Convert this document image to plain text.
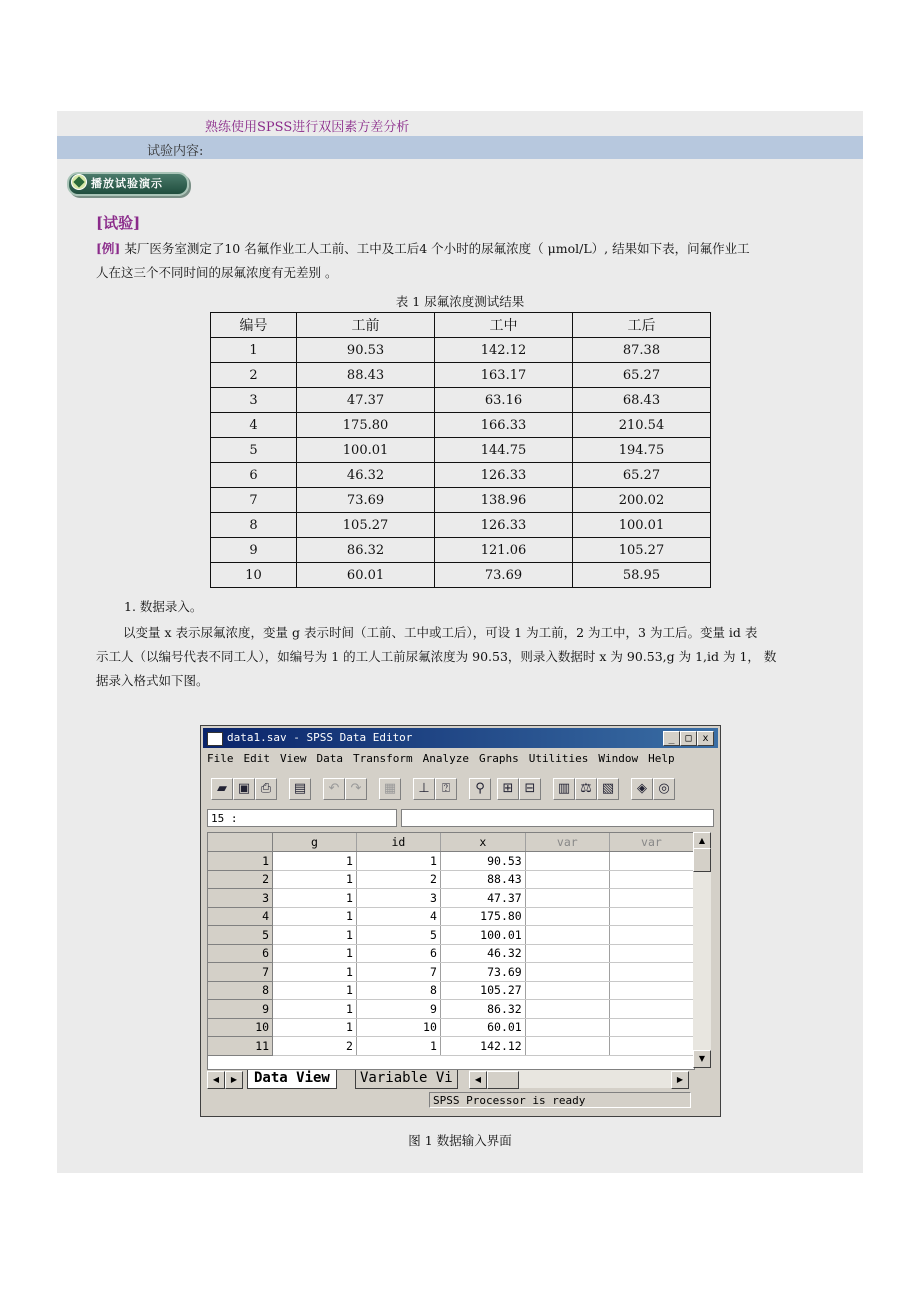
熟练使用SPSS进行双因素方差分析
试验内容:
播放试验演示
[试验]
[例] 某厂医务室测定了10 名氟作业工人工前、工中及工后4 个小时的尿氟浓度（ μmol/L）, 结果如下表，问氟作业工
人在这三个不同时间的尿氟浓度有无差别 。
表 1 尿氟浓度测试结果
编号	工前	工中	工后
1	90.53	142.12	87.38
2	88.43	163.17	65.27
3	47.37	63.16	68.43
4	175.80	166.33	210.54
5	100.01	144.75	194.75
6	46.32	126.33	65.27
7	73.69	138.96	200.02
8	105.27	126.33	100.01
9	86.32	121.06	105.27
10	60.01	73.69	58.95
1. 数据录入。
以变量 x 表示尿氟浓度，变量 g 表示时间（工前、工中或工后），可设 1 为工前，2 为工中，3 为工后。变量 id 表
示工人（以编号代表不同工人），如编号为 1 的工人工前尿氟浓度为 90.53，则录入数据时 x 为 90.53,g 为 1,id 为 1， 数
据录入格式如下图。
data1.sav - SPSS Data Editor	_	□	x
File Edit View Data Transform Analyze Graphs Utilities Window Help
▰ ▣ ⎙	▤	↶ ↷	▦	⊥ ⍰	⚲	⊞ ⊟	▥ ⚖ ▧	◈ ◎
15 :
	g	id	x	var	var
1	1	1	90.53		
2	1	2	88.43		
3	1	3	47.37		
4	1	4	175.80		
5	1	5	100.01		
6	1	6	46.32		
7	1	7	73.69		
8	1	8	105.27		
9	1	9	86.32		
10	1	10	60.01		
11	2	1	142.12		
▲
▼
◀	▶	Data View	Variable Vi	◀	▶
SPSS Processor is ready
图 1 数据输入界面
